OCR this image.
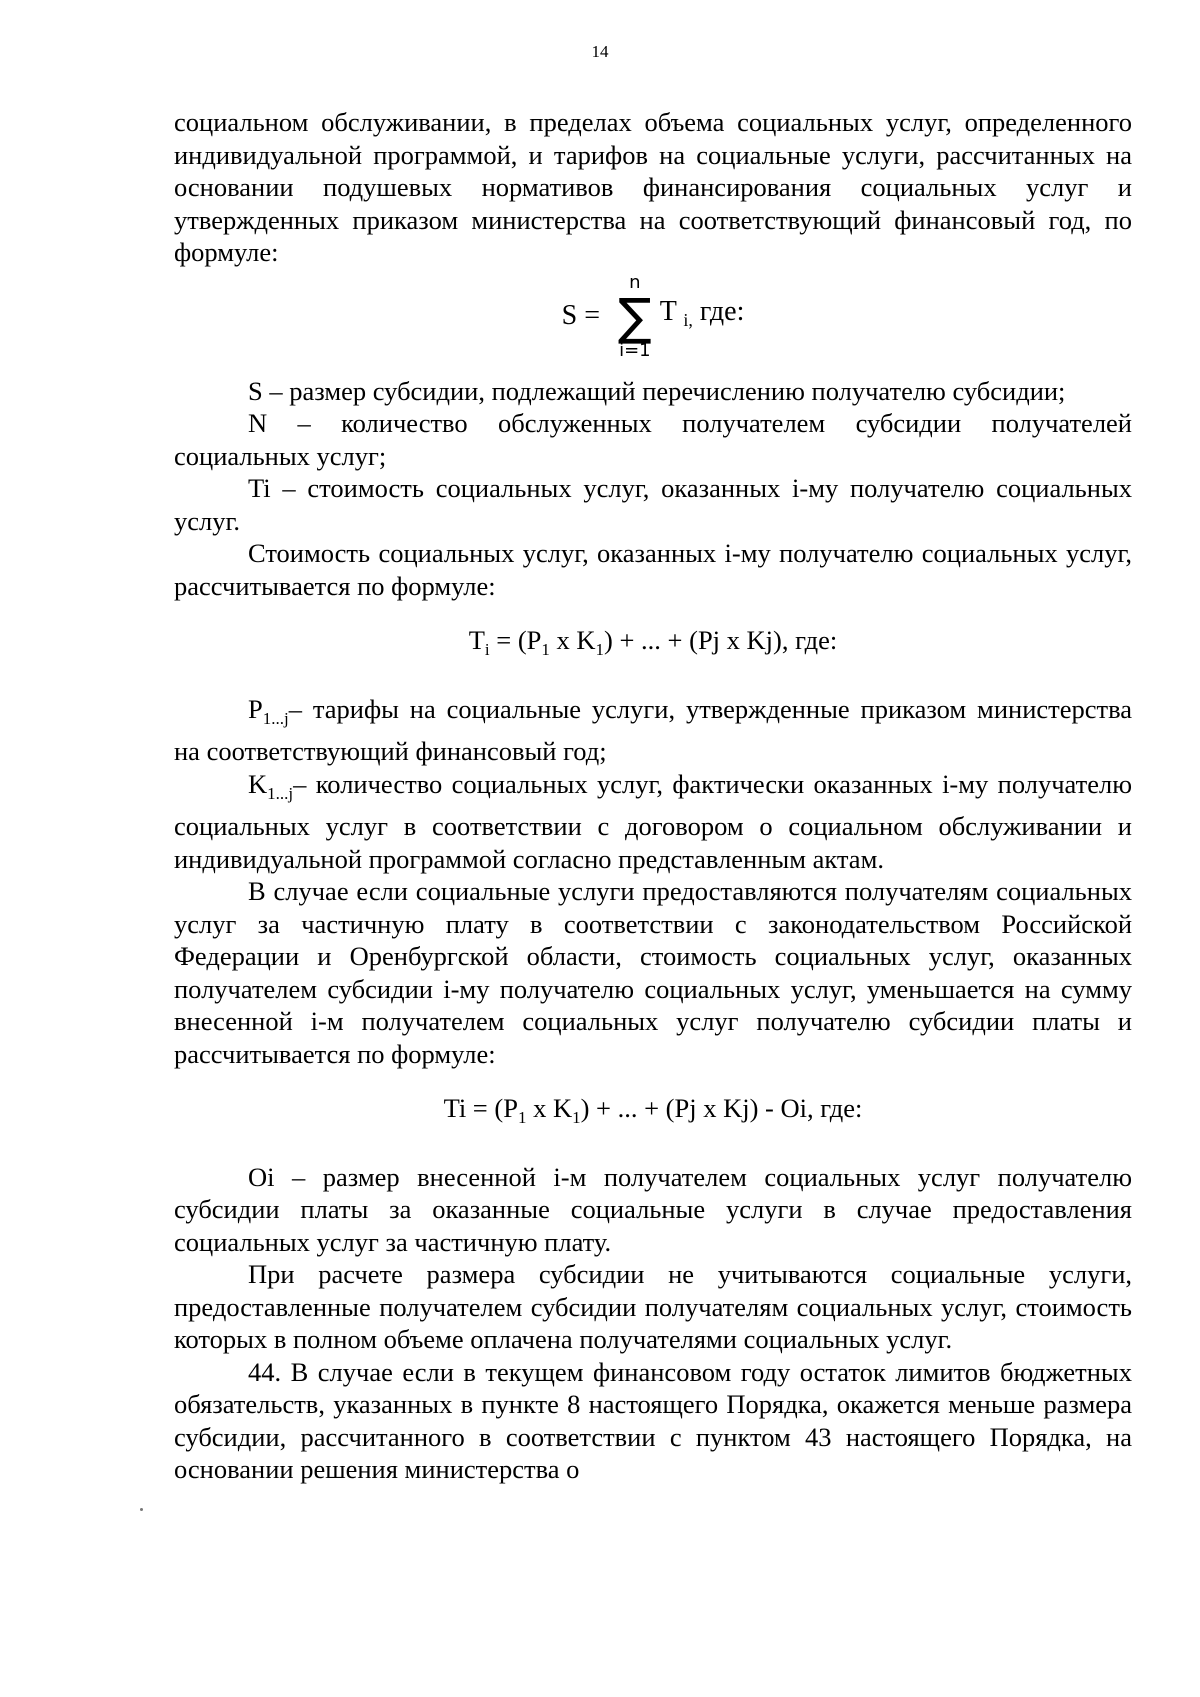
14

социальном обслуживании, в пределах объема социальных услуг, определенного индивидуальной программой, и тарифов на социальные услуги, рассчитанных на основании подушевых нормативов финансирования социальных услуг и утвержденных приказом министерства на соответствующий финансовый год, по формуле:

S =
n
∑
i=1
T $_{i,}$ где:

S – размер субсидии, подлежащий перечислению получателю субсидии;

N – количество обслуженных получателем субсидии получателей социальных услуг;

Ti – стоимость социальных услуг, оказанных i-му получателю социальных услуг.

Стоимость социальных услуг, оказанных i-му получателю социальных услуг, рассчитывается по формуле:

$T_i = (P_1$ x $K_1$) + ... + (Pj x Kj), где:

$P_{1...j}-$ тарифы на социальные услуги, утвержденные приказом министерства на соответствующий финансовый год;

$K_{1...j}-$ количество социальных услуг, фактически оказанных i-му получателю социальных услуг в соответствии с договором о социальном обслуживании и индивидуальной программой согласно представленным актам.

В случае если социальные услуги предоставляются получателям социальных услуг за частичную плату в соответствии с законодательством Российской Федерации и Оренбургской области, стоимость социальных услуг, оказанных получателем субсидии i-му получателю социальных услуг, уменьшается на сумму внесенной i-м получателем социальных услуг получателю субсидии платы и рассчитывается по формуле:

$Ti = (P_1$ x $K_1$) + ... + (Pj x Kj) - Oi, где:

Oi – размер внесенной i-м получателем социальных услуг получателю субсидии платы за оказанные социальные услуги в случае предоставления социальных услуг за частичную плату.

При расчете размера субсидии не учитываются социальные услуги, предоставленные получателем субсидии получателям социальных услуг, стоимость которых в полном объеме оплачена получателями социальных услуг.

44. В случае если в текущем финансовом году остаток лимитов бюджетных обязательств, указанных в пункте 8 настоящего Порядка, окажется меньше размера субсидии, рассчитанного в соответствии с пунктом 43 настоящего Порядка, на основании решения министерства о
